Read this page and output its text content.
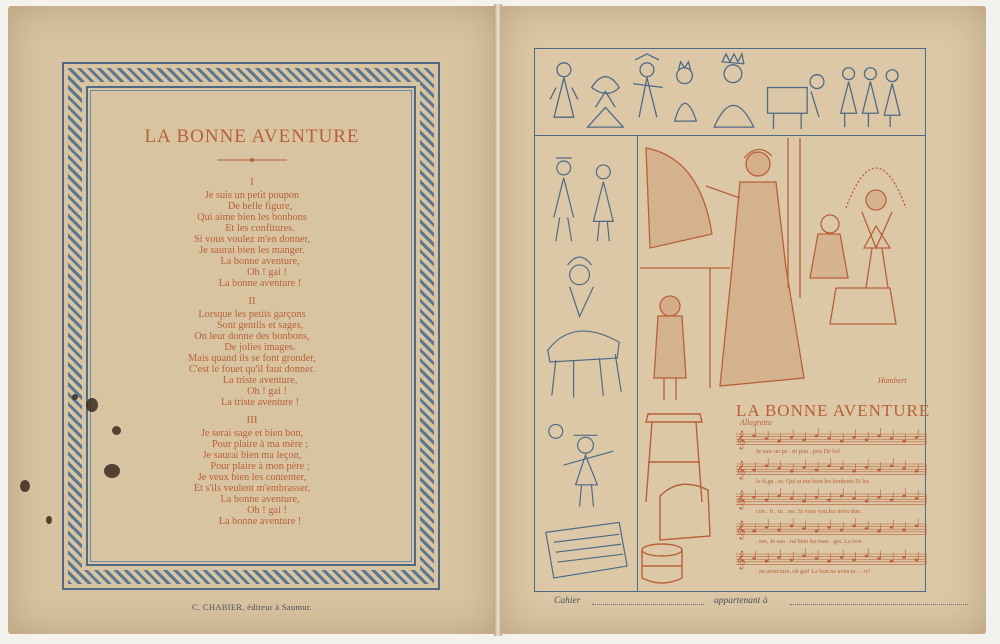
LA BONNE AVENTURE
I
Je suis un petit poupon
De belle figure,
Qui aime bien les bonbons
Et les confitures.
Si vous voulez m'en donner,
Je saurai bien les manger.
La bonne aventure,
Oh ! gai !
La bonne aventure !
II
Lorsque les petits garçons
Sont gentils et sages,
On leur donne des bonbons,
De jolies images.
Mais quand ils se font gronder,
C'est le fouet qu'il faut donner.
La triste aventure,
Oh ! gai !
La triste aventure !
III
Je serai sage et bien bon,
Pour plaire à ma mère ;
Je saurai bien ma leçon,
Pour plaire à mon père ;
Je veux bien les contenter,
Et s'ils veulent m'embrasser,
La bonne aventure,
Oh ! gai !
La bonne aventure !
C. CHABIER, éditeur à Saumur.
Humbert
LA BONNE AVENTURE
Allegretto
𝄞
𝄞
𝄞
𝄞
𝄞
Je suis un pe . tit pou . pou De bel .
le fi.gu . re. Qui ai.me bien les bonbons Et les
con . fi . tu . res. Si vous vou.lez m'en don .
. ner, Je sau . rai bien les man . ger. La bon .
. ne aven.ture, oh gai! La bon.ne aven.tu . . re!
Cahier	appartenant à
